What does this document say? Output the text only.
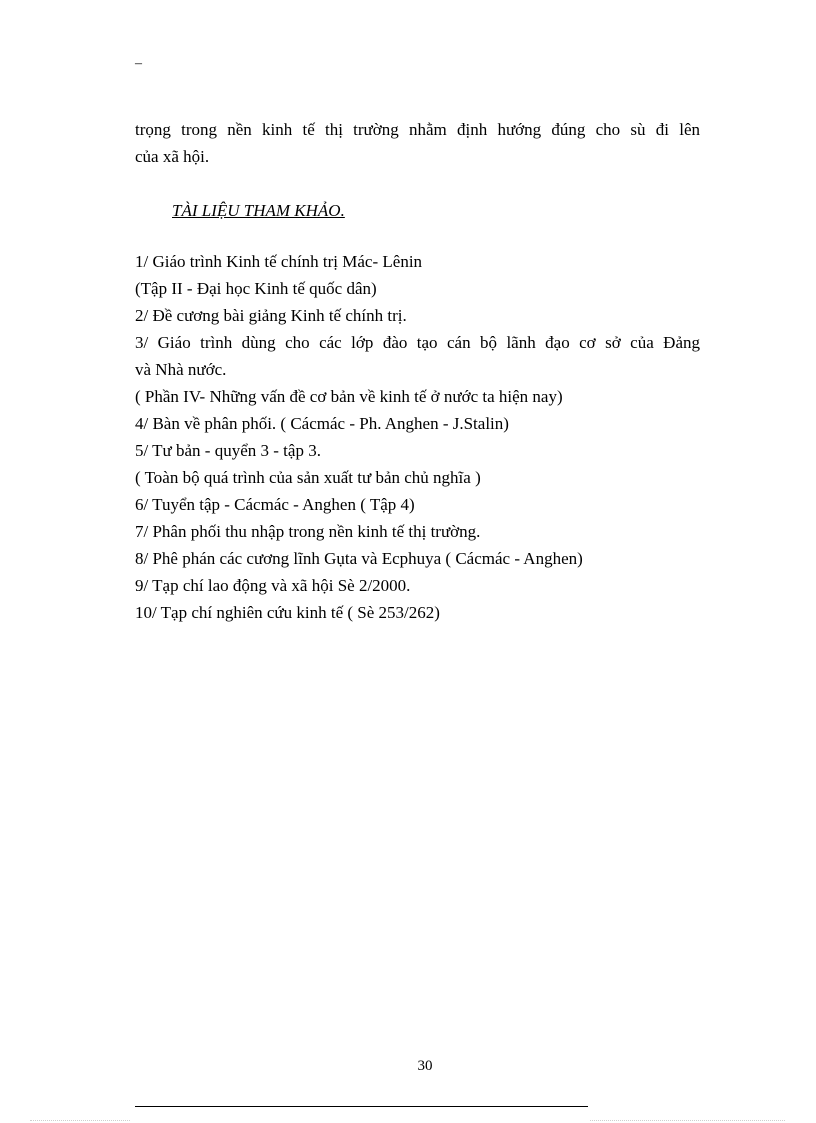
–
trọng trong nền kinh tế thị trường nhằm định hướng đúng cho sù đi lên
của xã hội.
TÀI LIỆU THAM KHẢO.
1/ Giáo trình Kinh tế chính trị Mác- Lênin
(Tập II - Đại học Kinh tế quốc dân)
2/ Đề cương bài giảng Kinh tế chính trị.
3/ Giáo trình dùng cho các lớp đào tạo cán bộ lãnh đạo cơ sở của Đảng
và Nhà nước.
( Phần IV- Những vấn đề cơ bản về kinh tế ở nước ta hiện nay)
4/ Bàn về phân phối. ( Cácmác - Ph. Anghen - J.Stalin)
5/ Tư bản - quyển 3 - tập 3.
( Toàn bộ quá trình của sản xuất tư bản chủ nghĩa )
6/ Tuyển tập - Cácmác - Anghen ( Tập 4)
7/ Phân phối thu nhập trong nền kinh tế thị trường.
8/ Phê phán các cương lĩnh Gụta và Ecphuya ( Cácmác - Anghen)
9/ Tạp chí lao động và xã hội Sè 2/2000.
10/ Tạp chí nghiên cứu kinh tế ( Sè 253/262)
30
